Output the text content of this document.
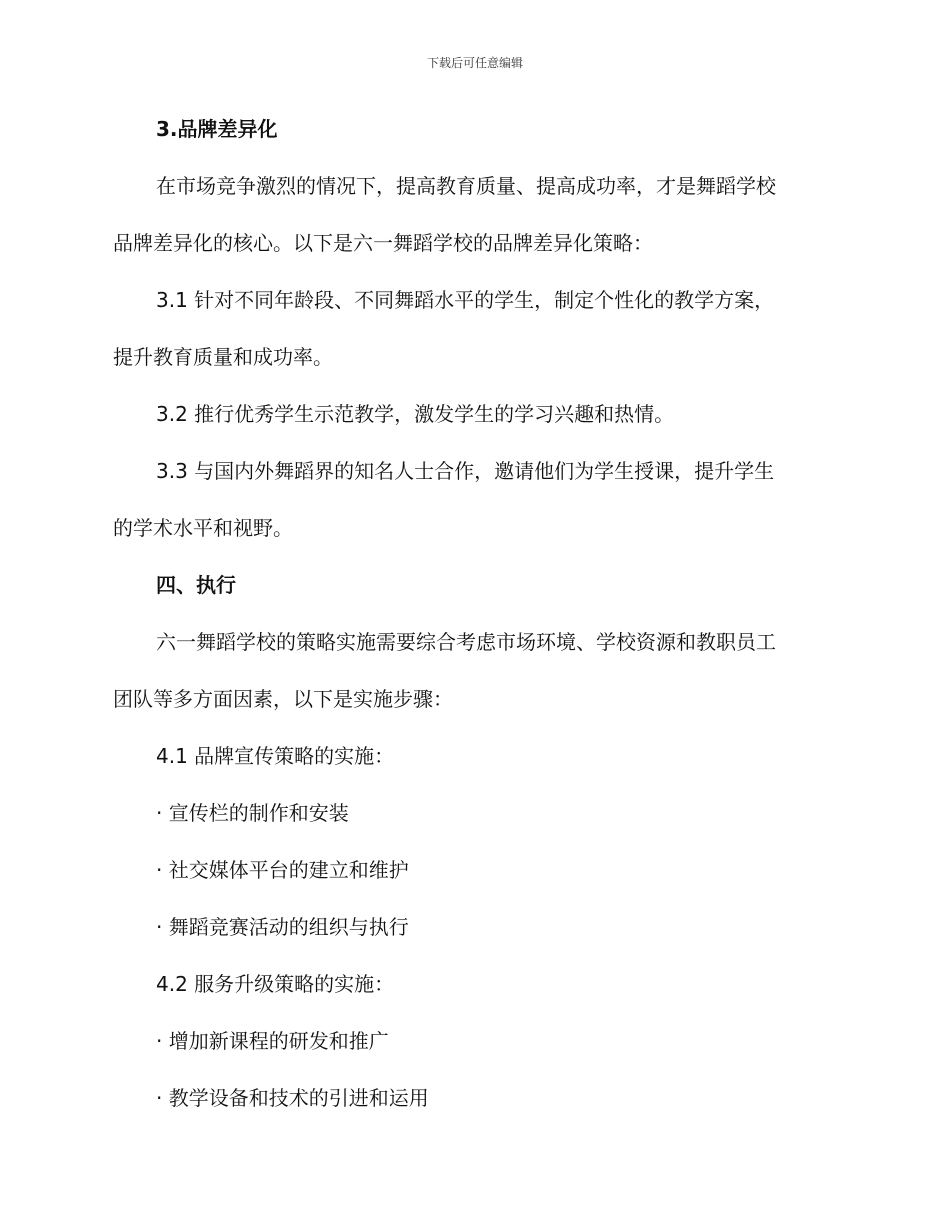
下载后可任意编辑

3.品牌差异化

在市场竞争激烈的情况下，提高教育质量、提高成功率，才是舞蹈学校

品牌差异化的核心。以下是六一舞蹈学校的品牌差异化策略：

3.1 针对不同年龄段、不同舞蹈水平的学生，制定个性化的教学方案，

提升教育质量和成功率。

3.2 推行优秀学生示范教学，激发学生的学习兴趣和热情。

3.3 与国内外舞蹈界的知名人士合作，邀请他们为学生授课，提升学生

的学术水平和视野。

四、执行

六一舞蹈学校的策略实施需要综合考虑市场环境、学校资源和教职员工

团队等多方面因素，以下是实施步骤：

4.1 品牌宣传策略的实施：

· 宣传栏的制作和安装

· 社交媒体平台的建立和维护

· 舞蹈竞赛活动的组织与执行

4.2 服务升级策略的实施：

· 增加新课程的研发和推广

· 教学设备和技术的引进和运用
